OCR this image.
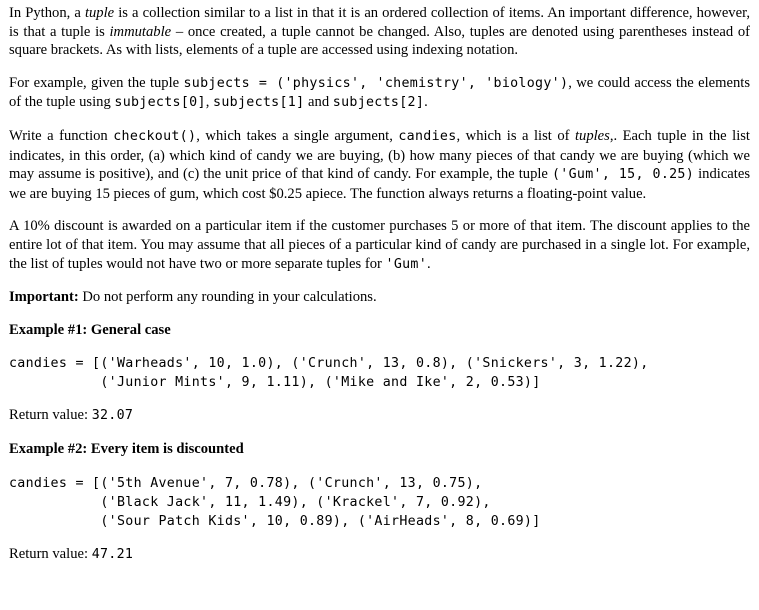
In Python, a tuple is a collection similar to a list in that it is an ordered collection of items. An important difference, however, is that a tuple is immutable – once created, a tuple cannot be changed. Also, tuples are denoted using parentheses instead of square brackets. As with lists, elements of a tuple are accessed using indexing notation.

For example, given the tuple subjects = ('physics', 'chemistry', 'biology'), we could access the elements of the tuple using subjects[0], subjects[1] and subjects[2].

Write a function checkout(), which takes a single argument, candies, which is a list of tuples,. Each tuple in the list indicates, in this order, (a) which kind of candy we are buying, (b) how many pieces of that candy we are buying (which we may assume is positive), and (c) the unit price of that kind of candy. For example, the tuple ('Gum', 15, 0.25) indicates we are buying 15 pieces of gum, which cost $0.25 apiece. The function always returns a floating-point value.

A 10% discount is awarded on a particular item if the customer purchases 5 or more of that item. The discount applies to the entire lot of that item. You may assume that all pieces of a particular kind of candy are purchased in a single lot. For example, the list of tuples would not have two or more separate tuples for 'Gum'.

Important: Do not perform any rounding in your calculations.

Example #1: General case
candies = [('Warheads', 10, 1.0), ('Crunch', 13, 0.8), ('Snickers', 3, 1.22),
('Junior Mints', 9, 1.11), ('Mike and Ike', 2, 0.53)]
Return value: 32.07
Example #2: Every item is discounted
candies = [('5th Avenue', 7, 0.78), ('Crunch', 13, 0.75),
('Black Jack', 11, 1.49), ('Krackel', 7, 0.92),
('Sour Patch Kids', 10, 0.89), ('AirHeads', 8, 0.69)]
Return value: 47.21
